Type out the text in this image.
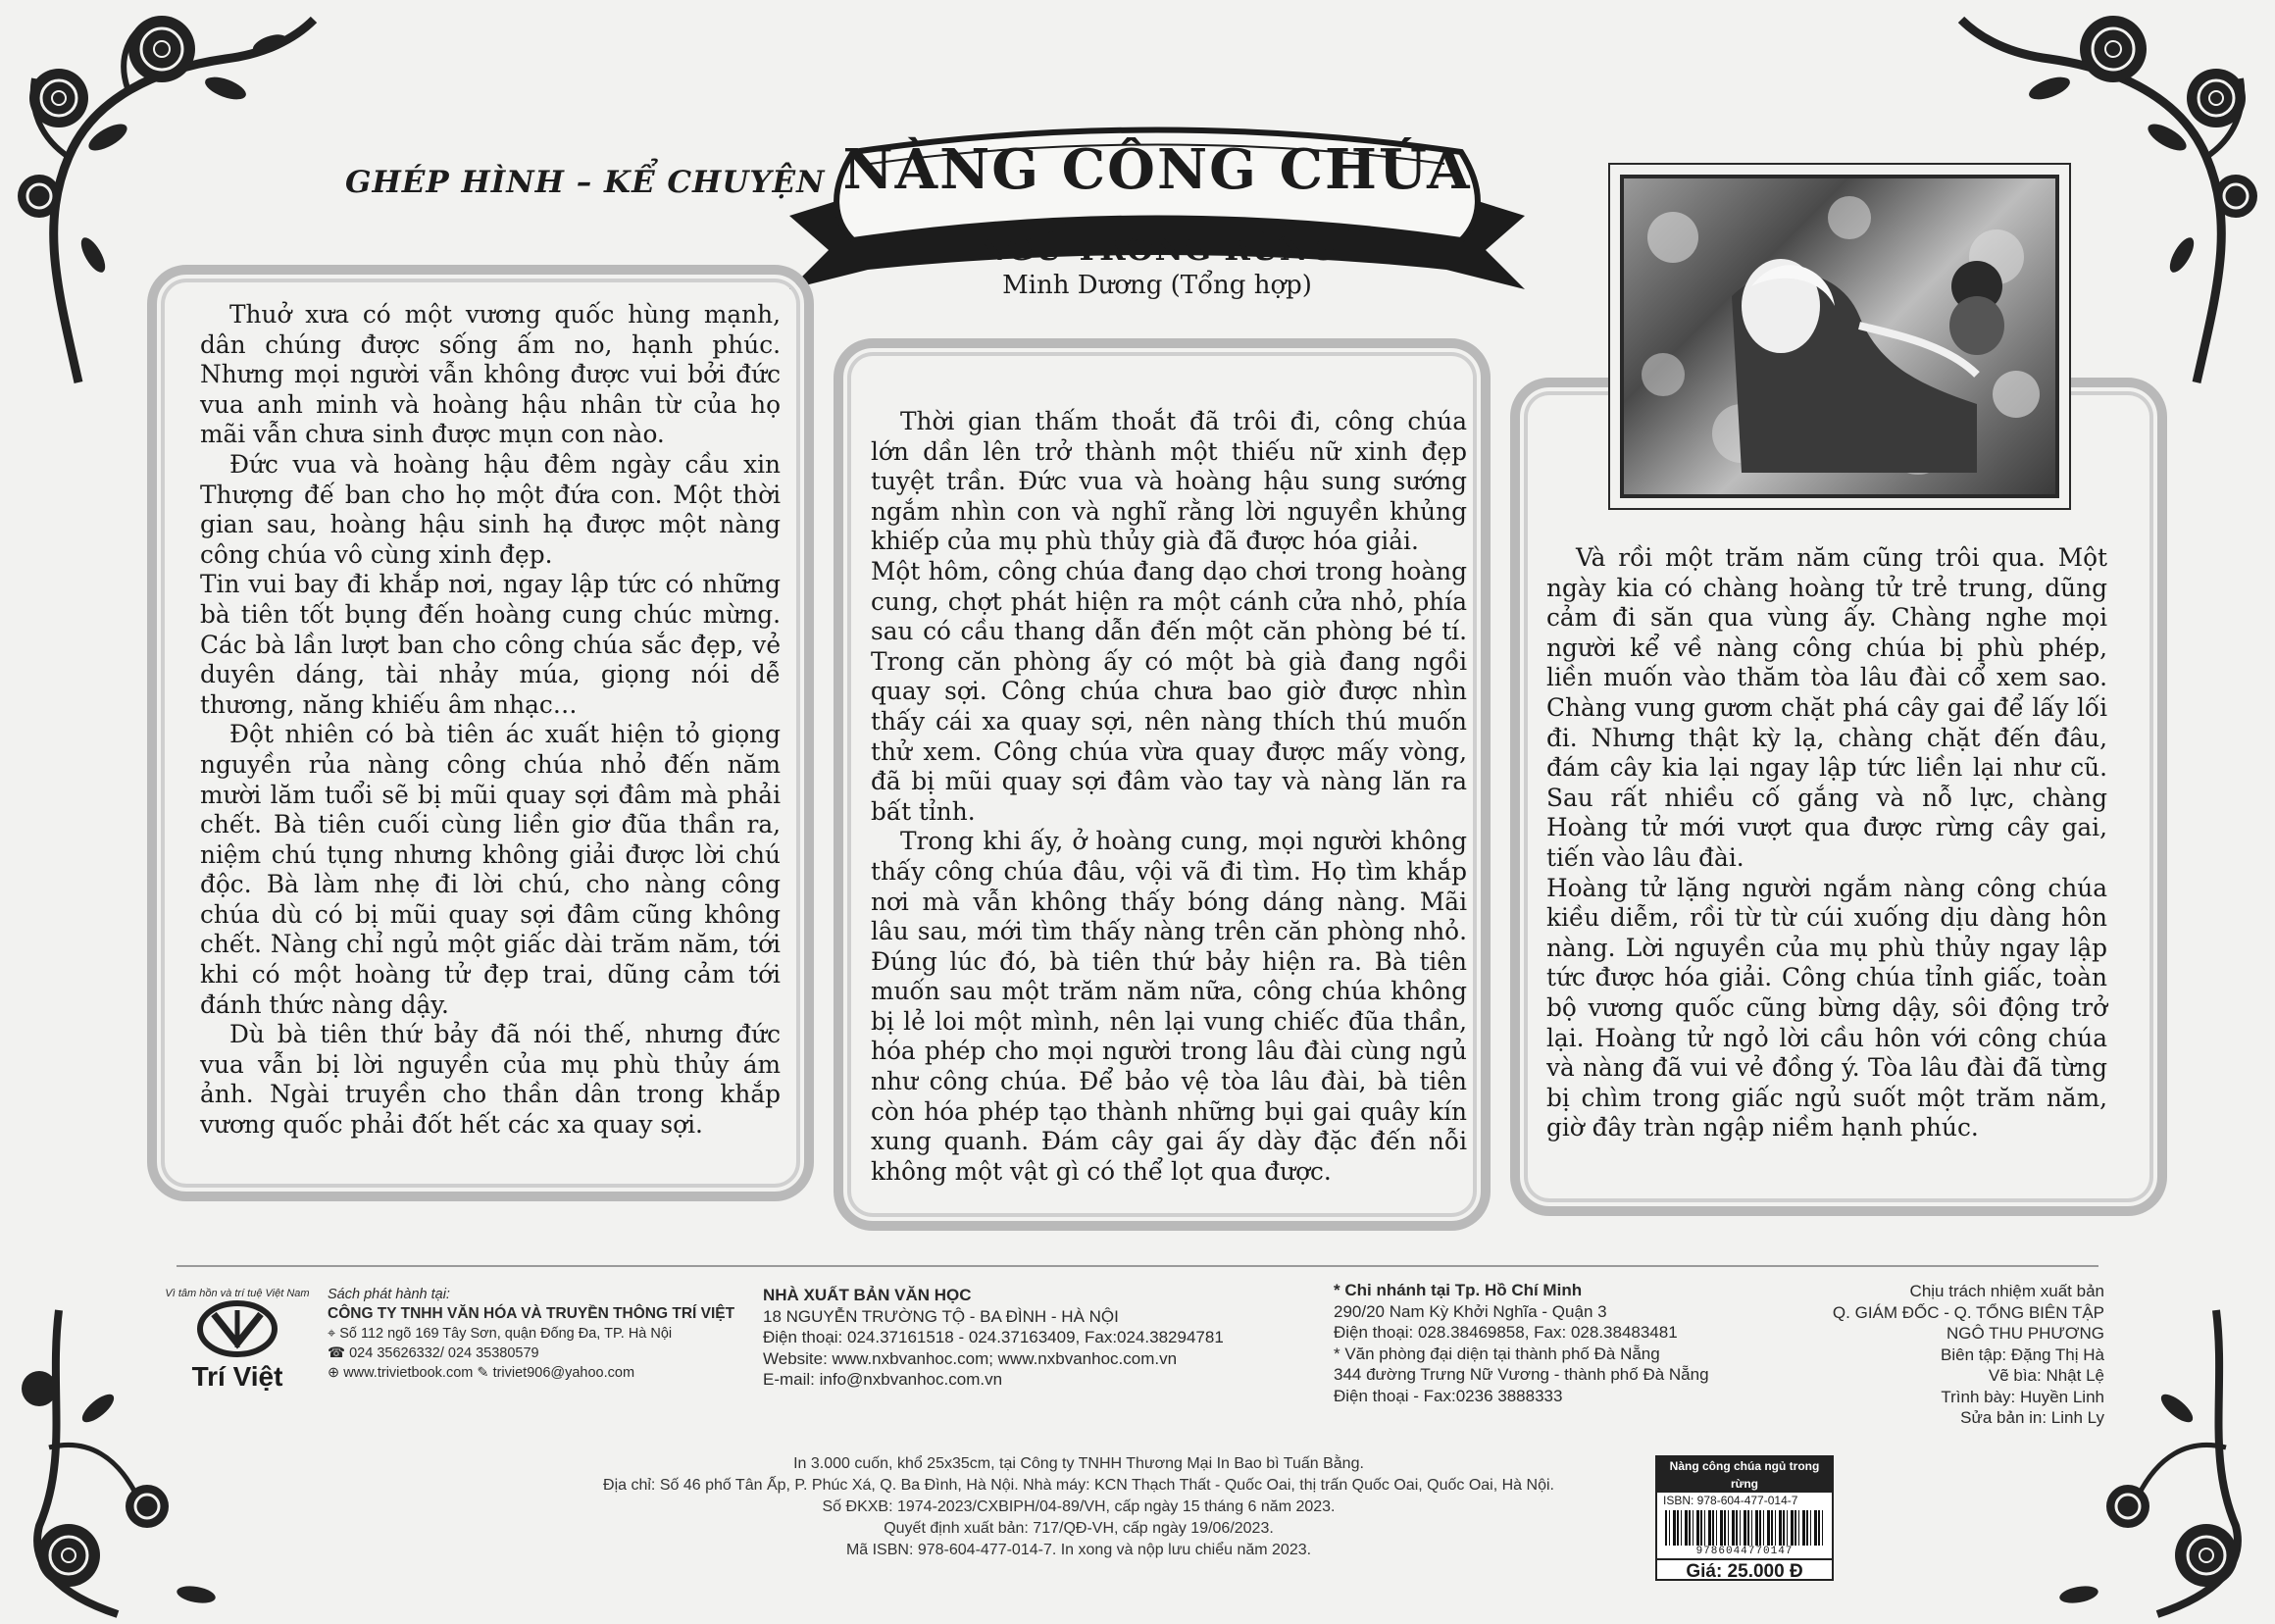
GHÉP HÌNH – KỂ CHUYỆN NÀNG CÔNG CHÚA
NGỦ TRONG RỪNG
Minh Dương (Tổng hợp)

Thuở xưa có một vương quốc hùng mạnh, dân chúng được sống ấm no, hạnh phúc. Nhưng mọi người vẫn không được vui bởi đức vua anh minh và hoàng hậu nhân từ của họ mãi vẫn chưa sinh được mụn con nào.

Đức vua và hoàng hậu đêm ngày cầu xin Thượng đế ban cho họ một đứa con. Một thời gian sau, hoàng hậu sinh hạ được một nàng công chúa vô cùng xinh đẹp.

Tin vui bay đi khắp nơi, ngay lập tức có những bà tiên tốt bụng đến hoàng cung chúc mừng. Các bà lần lượt ban cho công chúa sắc đẹp, vẻ duyên dáng, tài nhảy múa, giọng nói dễ thương, năng khiếu âm nhạc…

Đột nhiên có bà tiên ác xuất hiện tỏ giọng nguyền rủa nàng công chúa nhỏ đến năm mười lăm tuổi sẽ bị mũi quay sợi đâm mà phải chết. Bà tiên cuối cùng liền giơ đũa thần ra, niệm chú tụng nhưng không giải được lời chú độc. Bà làm nhẹ đi lời chú, cho nàng công chúa dù có bị mũi quay sợi đâm cũng không chết. Nàng chỉ ngủ một giấc dài trăm năm, tới khi có một hoàng tử đẹp trai, dũng cảm tới đánh thức nàng dậy.

Dù bà tiên thứ bảy đã nói thế, nhưng đức vua vẫn bị lời nguyền của mụ phù thủy ám ảnh. Ngài truyền cho thần dân trong khắp vương quốc phải đốt hết các xa quay sợi.

Thời gian thấm thoắt đã trôi đi, công chúa lớn dần lên trở thành một thiếu nữ xinh đẹp tuyệt trần. Đức vua và hoàng hậu sung sướng ngắm nhìn con và nghĩ rằng lời nguyền khủng khiếp của mụ phù thủy già đã được hóa giải.

Một hôm, công chúa đang dạo chơi trong hoàng cung, chợt phát hiện ra một cánh cửa nhỏ, phía sau có cầu thang dẫn đến một căn phòng bé tí. Trong căn phòng ấy có một bà già đang ngồi quay sợi. Công chúa chưa bao giờ được nhìn thấy cái xa quay sợi, nên nàng thích thú muốn thử xem. Công chúa vừa quay được mấy vòng, đã bị mũi quay sợi đâm vào tay và nàng lăn ra bất tỉnh.

Trong khi ấy, ở hoàng cung, mọi người không thấy công chúa đâu, vội vã đi tìm. Họ tìm khắp nơi mà vẫn không thấy bóng dáng nàng. Mãi lâu sau, mới tìm thấy nàng trên căn phòng nhỏ. Đúng lúc đó, bà tiên thứ bảy hiện ra. Bà tiên muốn sau một trăm năm nữa, công chúa không bị lẻ loi một mình, nên lại vung chiếc đũa thần, hóa phép cho mọi người trong lâu đài cùng ngủ như công chúa. Để bảo vệ tòa lâu đài, bà tiên còn hóa phép tạo thành những bụi gai quây kín xung quanh. Đám cây gai ấy dày đặc đến nỗi không một vật gì có thể lọt qua được.

Và rồi một trăm năm cũng trôi qua. Một ngày kia có chàng hoàng tử trẻ trung, dũng cảm đi săn qua vùng ấy. Chàng nghe mọi người kể về nàng công chúa bị phù phép, liền muốn vào thăm tòa lâu đài cổ xem sao. Chàng vung gươm chặt phá cây gai để lấy lối đi. Nhưng thật kỳ lạ, chàng chặt đến đâu, đám cây kia lại ngay lập tức liền lại như cũ. Sau rất nhiều cố gắng và nỗ lực, chàng Hoàng tử mới vượt qua được rừng cây gai, tiến vào lâu đài.

Hoàng tử lặng người ngắm nàng công chúa kiều diễm, rồi từ từ cúi xuống dịu dàng hôn nàng. Lời nguyền của mụ phù thủy ngay lập tức được hóa giải. Công chúa tỉnh giấc, toàn bộ vương quốc cũng bừng dậy, sôi động trở lại. Hoàng tử ngỏ lời cầu hôn với công chúa và nàng đã vui vẻ đồng ý. Tòa lâu đài đã từng bị chìm trong giấc ngủ suốt một trăm năm, giờ đây tràn ngập niềm hạnh phúc.

Vì tâm hồn và trí tuệ Việt Nam
Trí Việt
Sách phát hành tại:
CÔNG TY TNHH VĂN HÓA VÀ TRUYỀN THÔNG TRÍ VIỆT
⌖ Số 112 ngõ 169 Tây Sơn, quận Đống Đa, TP. Hà Nội
☎ 024 35626332/ 024 35380579
⊕ www.trivietbook.com ✎ triviet906@yahoo.com
NHÀ XUẤT BẢN VĂN HỌC
18 NGUYỄN TRƯỜNG TỘ - BA ĐÌNH - HÀ NỘI
Điện thoại: 024.37161518 - 024.37163409, Fax:024.38294781
Website: www.nxbvanhoc.com; www.nxbvanhoc.com.vn
E-mail: info@nxbvanhoc.com.vn
* Chi nhánh tại Tp. Hồ Chí Minh
290/20 Nam Kỳ Khởi Nghĩa - Quận 3
Điện thoại: 028.38469858, Fax: 028.38483481
* Văn phòng đại diện tại thành phố Đà Nẵng
344 đường Trưng Nữ Vương - thành phố Đà Nẵng
Điện thoại - Fax:0236 3888333
Chịu trách nhiệm xuất bản
Q. GIÁM ĐỐC - Q. TỔNG BIÊN TẬP
NGÔ THU PHƯƠNG
Biên tập: Đặng Thị Hà
Vẽ bìa: Nhật Lệ
Trình bày: Huyền Linh
Sửa bản in: Linh Ly
In 3.000 cuốn, khổ 25x35cm, tại Công ty TNHH Thương Mại In Bao bì Tuấn Bằng.
Địa chỉ: Số 46 phố Tân Ấp, P. Phúc Xá, Q. Ba Đình, Hà Nội. Nhà máy: KCN Thạch Thất - Quốc Oai, thị trấn Quốc Oai, Quốc Oai, Hà Nội.
Số ĐKXB: 1974-2023/CXBIPH/04-89/VH, cấp ngày 15 tháng 6 năm 2023.
Quyết định xuất bản: 717/QĐ-VH, cấp ngày 19/06/2023.
Mã ISBN: 978-604-477-014-7. In xong và nộp lưu chiểu năm 2023.
Nàng công chúa ngủ trong rừng
ISBN: 978-604-477-014-7
9786044770147
Giá: 25.000 Đ
